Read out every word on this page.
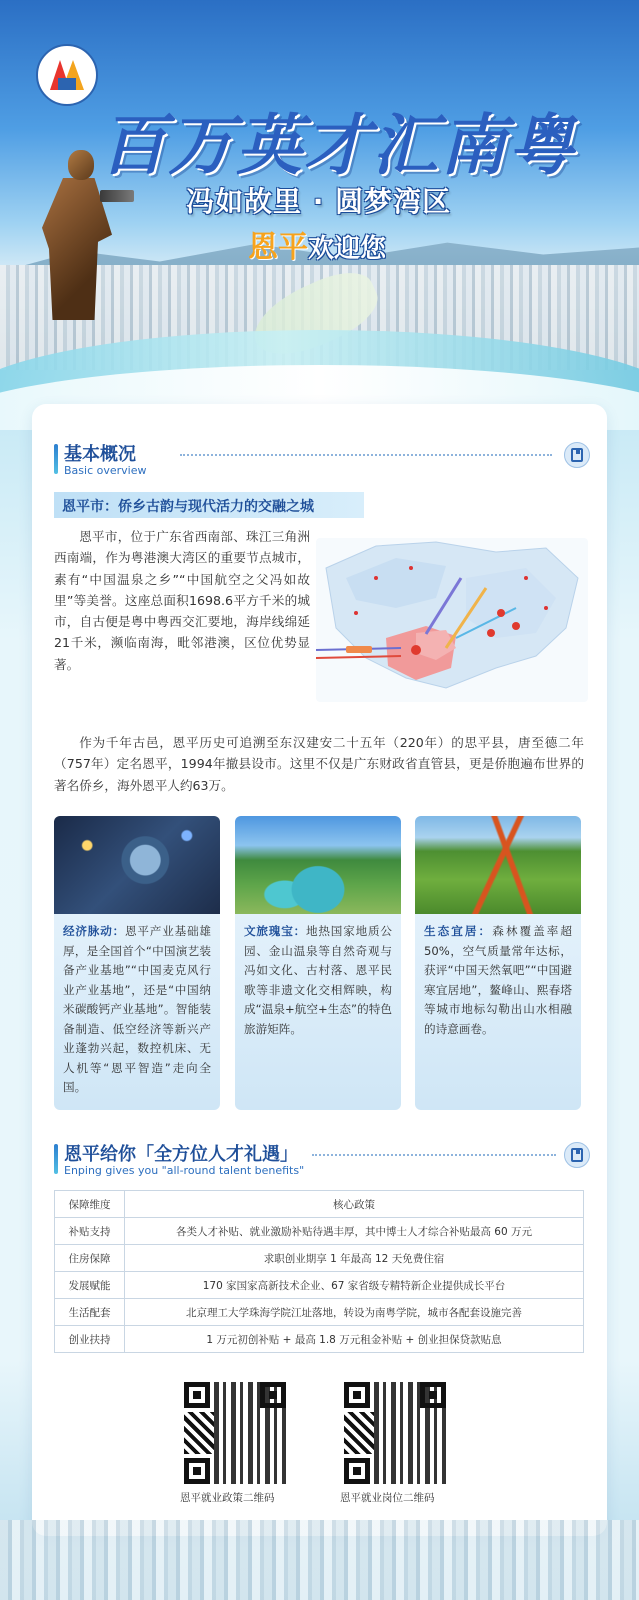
百万英才汇南粤
冯如故里 · 圆梦湾区
恩平欢迎您
基本概况
Basic overview
恩平市：侨乡古韵与现代活力的交融之城

恩平市，位于广东省西南部、珠江三角洲西南端，作为粤港澳大湾区的重要节点城市，素有“中国温泉之乡”“中国航空之父冯如故里”等美誉。这座总面积1698.6平方千米的城市，自古便是粤中粤西交汇要地，海岸线绵延21千米，濒临南海，毗邻港澳，区位优势显著。

作为千年古邑，恩平历史可追溯至东汉建安二十五年（220年）的思平县，唐至德二年（757年）定名恩平，1994年撤县设市。这里不仅是广东财政省直管县，更是侨胞遍布世界的著名侨乡，海外恩平人约63万。

经济脉动：恩平产业基础雄厚，是全国首个“中国演艺装备产业基地”“中国麦克风行业产业基地”，还是“中国纳米碳酸钙产业基地”。智能装备制造、低空经济等新兴产业蓬勃兴起，数控机床、无人机等“恩平智造”走向全国。
文旅瑰宝：地热国家地质公园、金山温泉等自然奇观与冯如文化、古村落、恩平民歌等非遗文化交相辉映，构成“温泉+航空+生态”的特色旅游矩阵。
生态宜居：森林覆盖率超50%，空气质量常年达标，获评“中国天然氧吧”“中国避寒宜居地”，鳌峰山、熙春塔等城市地标勾勒出山水相融的诗意画卷。
恩平给你「全方位人才礼遇」
Enping gives you "all-round talent benefits"
保障维度	核心政策
补贴支持	各类人才补贴、就业激励补贴待遇丰厚，其中博士人才综合补贴最高 60 万元
住房保障	求职创业期享 1 年最高 12 天免费住宿
发展赋能	170 家国家高新技术企业、67 家省级专精特新企业提供成长平台
生活配套	北京理工大学珠海学院江址落地，转设为南粤学院，城市各配套设施完善
创业扶持	1 万元初创补贴 + 最高 1.8 万元租金补贴 + 创业担保贷款贴息
恩平就业政策二维码	恩平就业岗位二维码
